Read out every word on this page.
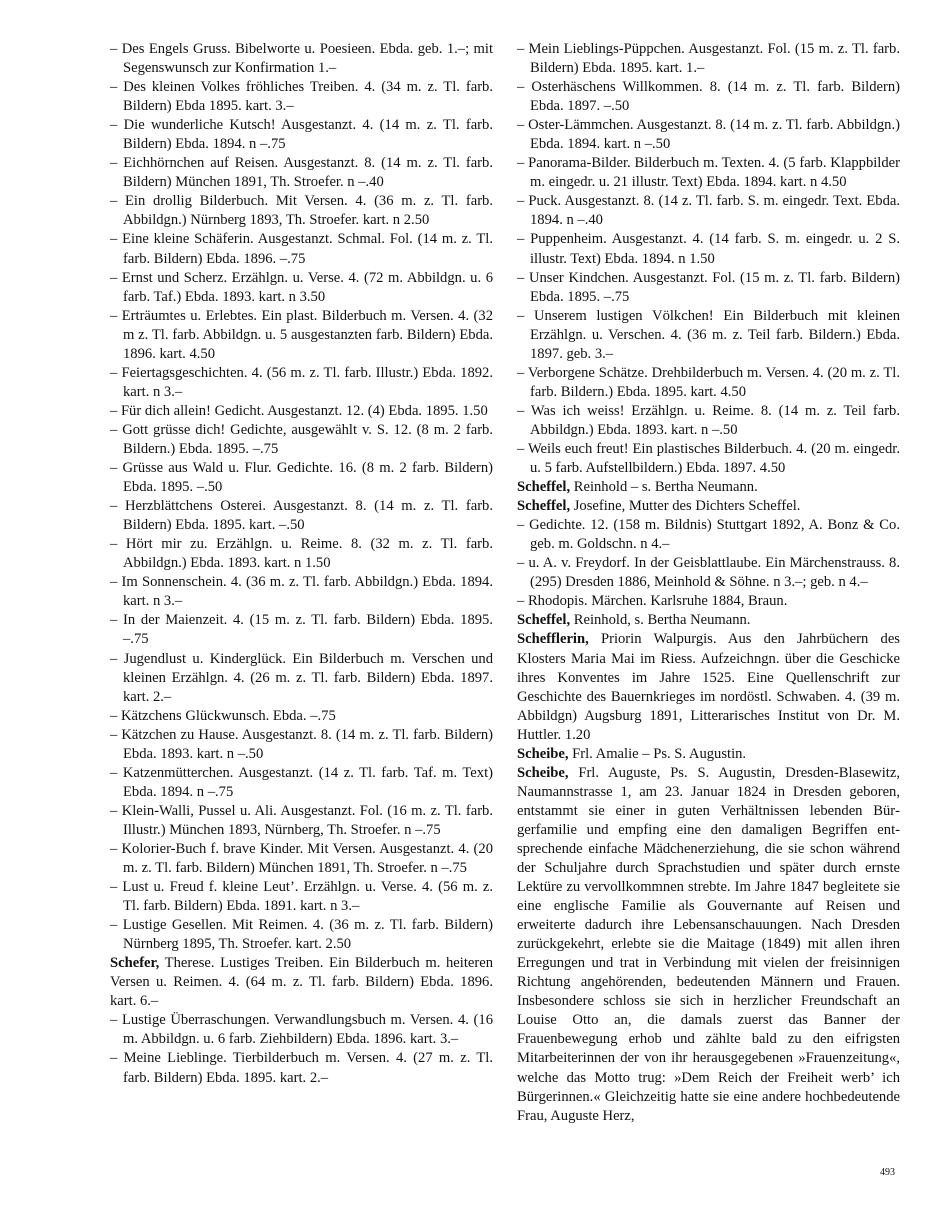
– Des Engels Gruss. Bibelworte u. Poesieen. Ebda. geb. 1.–; mit Segenswunsch zur Konfirmation 1.–

– Des kleinen Volkes fröhliches Treiben. 4. (34 m. z. Tl. farb. Bildern) Ebda 1895. kart. 3.–

– Die wunderliche Kutsch! Ausgestanzt. 4. (14 m. z. Tl. farb. Bildern) Ebda. 1894. n –.75

– Eichhörnchen auf Reisen. Ausgestanzt. 8. (14 m. z. Tl. farb. Bildern) München 1891, Th. Stroefer. n –.40

– Ein drollig Bilderbuch. Mit Versen. 4. (36 m. z. Tl. farb. Abbildgn.) Nürnberg 1893, Th. Stroefer. kart. n 2.50

– Eine kleine Schäferin. Ausgestanzt. Schmal. Fol. (14 m. z. Tl. farb. Bildern) Ebda. 1896. –.75

– Ernst und Scherz. Erzählgn. u. Verse. 4. (72 m. Abbildgn. u. 6 farb. Taf.) Ebda. 1893. kart. n 3.50

– Erträumtes u. Erlebtes. Ein plast. Bilderbuch m. Versen. 4. (32 m z. Tl. farb. Abbildgn. u. 5 ausgestanzten farb. Bildern) Ebda. 1896. kart. 4.50

– Feiertagsgeschichten. 4. (56 m. z. Tl. farb. Illustr.) Ebda. 1892. kart. n 3.–

– Für dich allein! Gedicht. Ausgestanzt. 12. (4) Ebda. 1895. 1.50

– Gott grüsse dich! Gedichte, ausgewählt v. S. 12. (8 m. 2 farb. Bildern.) Ebda. 1895. –.75

– Grüsse aus Wald u. Flur. Gedichte. 16. (8 m. 2 farb. Bildern) Ebda. 1895. –.50

– Herzblättchens Osterei. Ausgestanzt. 8. (14 m. z. Tl. farb. Bildern) Ebda. 1895. kart. –.50

– Hört mir zu. Erzählgn. u. Reime. 8. (32 m. z. Tl. farb. Abbildgn.) Ebda. 1893. kart. n 1.50

– Im Sonnenschein. 4. (36 m. z. Tl. farb. Abbildgn.) Ebda. 1894. kart. n 3.–

– In der Maienzeit. 4. (15 m. z. Tl. farb. Bildern) Ebda. 1895. –.75

– Jugendlust u. Kinderglück. Ein Bilderbuch m. Verschen und kleinen Erzählgn. 4. (26 m. z. Tl. farb. Bildern) Ebda. 1897. kart. 2.–

– Kätzchens Glückwunsch. Ebda. –.75

– Kätzchen zu Hause. Ausgestanzt. 8. (14 m. z. Tl. farb. Bildern) Ebda. 1893. kart. n –.50

– Katzenmütterchen. Ausgestanzt. (14 z. Tl. farb. Taf. m. Text) Ebda. 1894. n –.75

– Klein-Walli, Pussel u. Ali. Ausgestanzt. Fol. (16 m. z. Tl. farb. Illustr.) München 1893, Nürnberg, Th. Stroefer. n –.75

– Kolorier-Buch f. brave Kinder. Mit Versen. Ausgestanzt. 4. (20 m. z. Tl. farb. Bildern) München 1891, Th. Stroefer. n –.75

– Lust u. Freud f. kleine Leut’. Erzählgn. u. Verse. 4. (56 m. z. Tl. farb. Bildern) Ebda. 1891. kart. n 3.–

– Lustige Gesellen. Mit Reimen. 4. (36 m. z. Tl. farb. Bildern) Nürnberg 1895, Th. Stroefer. kart. 2.50

Schefer, Therese. Lustiges Treiben. Ein Bilderbuch m. heiteren Versen u. Reimen. 4. (64 m. z. Tl. farb. Bildern) Ebda. 1896. kart. 6.–

– Lustige Überraschungen. Verwandlungsbuch m. Versen. 4. (16 m. Abbildgn. u. 6 farb. Ziehbildern) Ebda. 1896. kart. 3.–

– Meine Lieblinge. Tierbilderbuch m. Versen. 4. (27 m. z. Tl. farb. Bildern) Ebda. 1895. kart. 2.–

– Mein Lieblings-Püppchen. Ausgestanzt. Fol. (15 m. z. Tl. farb. Bildern) Ebda. 1895. kart. 1.–

– Osterhäschens Willkommen. 8. (14 m. z. Tl. farb. Bildern) Ebda. 1897. –.50

– Oster-Lämmchen. Ausgestanzt. 8. (14 m. z. Tl. farb. Abbildgn.) Ebda. 1894. kart. n –.50

– Panorama-Bilder. Bilderbuch m. Texten. 4. (5 farb. Klappbilder m. eingedr. u. 21 illustr. Text) Ebda. 1894. kart. n 4.50

– Puck. Ausgestanzt. 8. (14 z. Tl. farb. S. m. eingedr. Text. Ebda. 1894. n –.40

– Puppenheim. Ausgestanzt. 4. (14 farb. S. m. eingedr. u. 2 S. illustr. Text) Ebda. 1894. n 1.50

– Unser Kindchen. Ausgestanzt. Fol. (15 m. z. Tl. farb. Bildern) Ebda. 1895. –.75

– Unserem lustigen Völkchen! Ein Bilderbuch mit kleinen Erzählgn. u. Verschen. 4. (36 m. z. Teil farb. Bildern.) Ebda. 1897. geb. 3.–

– Verborgene Schätze. Drehbilderbuch m. Versen. 4. (20 m. z. Tl. farb. Bildern.) Ebda. 1895. kart. 4.50

– Was ich weiss! Erzählgn. u. Reime. 8. (14 m. z. Teil farb. Abbildgn.) Ebda. 1893. kart. n –.50

– Weils euch freut! Ein plastisches Bilderbuch. 4. (20 m. eingedr. u. 5 farb. Aufstellbildern.) Ebda. 1897. 4.50

Scheffel, Reinhold – s. Bertha Neumann.

Scheffel, Josefine, Mutter des Dichters Scheffel.

– Gedichte. 12. (158 m. Bildnis) Stuttgart 1892, A. Bonz & Co. geb. m. Goldschn. n 4.–

– u. A. v. Freydorf. In der Geisblattlaube. Ein Märchenstrauss. 8. (295) Dresden 1886, Meinhold & Söhne. n 3.–; geb. n 4.–

– Rhodopis. Märchen. Karlsruhe 1884, Braun.

Scheffel, Reinhold, s. Bertha Neumann.

Schefflerin, Priorin Walpurgis. Aus den Jahrbüchern des Klosters Maria Mai im Riess. Aufzeichngn. über die Geschicke ihres Konventes im Jahre 1525. Eine Quellenschrift zur Geschichte des Bauernkrieges im nordöstl. Schwaben. 4. (39 m. Abbildgn) Augsburg 1891, Litterarisches Institut von Dr. M. Huttler. 1.20

Scheibe, Frl. Amalie – Ps. S. Augustin.

Scheibe, Frl. Auguste, Ps. S. Augustin, Dresden-Blasewitz, Naumannstrasse 1, am 23. Januar 1824 in Dresden geboren, entstammt sie einer in guten Verhältnissen lebenden Bürgerfamilie und empfing eine den damaligen Begriffen entsprechende einfache Mädchenerziehung, die sie schon während der Schuljahre durch Sprachstudien und später durch ernste Lektüre zu vervollkommnen strebte. Im Jahre 1847 begleitete sie eine englische Familie als Gouvernante auf Reisen und erweiterte dadurch ihre Lebensanschauungen. Nach Dresden zurückgekehrt, erlebte sie die Maitage (1849) mit allen ihren Erregungen und trat in Verbindung mit vielen der freisinnigen Richtung angehörenden, bedeutenden Männern und Frauen. Insbesondere schloss sie sich in herzlicher Freundschaft an Louise Otto an, die damals zuerst das Banner der Frauenbewegung erhob und zählte bald zu den eifrigsten Mitarbeiterinnen der von ihr herausgegebenen »Frauenzeitung«, welche das Motto trug: »Dem Reich der Freiheit werb’ ich Bürgerinnen.« Gleichzeitig hatte sie eine andere hochbedeutende Frau, Auguste Herz,

493
